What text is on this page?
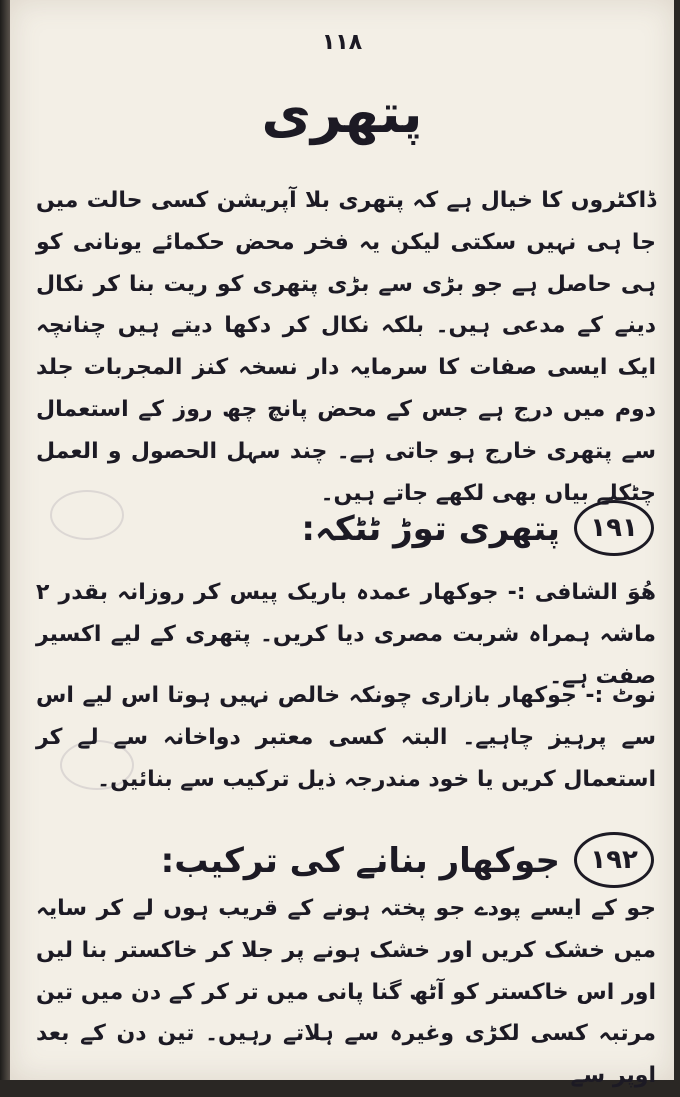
۱۱۸
پتھری
ڈاکٹروں کا خیال ہے کہ پتھری بلا آپریشن کسی حالت میں جا ہی نہیں سکتی لیکن یہ فخر محض حکمائے یونانی کو ہی حاصل ہے جو بڑی سے بڑی پتھری کو ریت بنا کر نکال دینے کے مدعی ہیں۔ بلکہ نکال کر دکھا دیتے ہیں چنانچہ ایک ایسی صفات کا سرمایہ دار نسخہ کنز المجربات جلد دوم میں درج ہے جس کے محض پانچ چھ روز کے استعمال سے پتھری خارج ہو جاتی ہے۔ چند سہل الحصول و العمل چٹکلے بیاں بھی لکھے جاتے ہیں۔
۱۹۱
پتھری توڑ ٹٹکہ:
ھُوَ الشافی :- جوکھار عمدہ باریک پیس کر روزانہ بقدر ۲ ماشہ ہمراہ شربت مصری دیا کریں۔ پتھری کے لیے اکسیر صفت ہے۔
نوٹ :- جوکھار بازاری چونکہ خالص نہیں ہوتا اس لیے اس سے پرہیز چاہیے۔ البتہ کسی معتبر دواخانہ سے لے کر استعمال کریں یا خود مندرجہ ذیل ترکیب سے بنائیں۔
۱۹۲
جوکھار بنانے کی ترکیب:
جو کے ایسے پودے جو پختہ ہونے کے قریب ہوں لے کر سایہ میں خشک کریں اور خشک ہونے پر جلا کر خاکستر بنا لیں اور اس خاکستر کو آٹھ گنا پانی میں تر کر کے دن میں تین مرتبہ کسی لکڑی وغیرہ سے ہلاتے رہیں۔ تین دن کے بعد اوپر سے
